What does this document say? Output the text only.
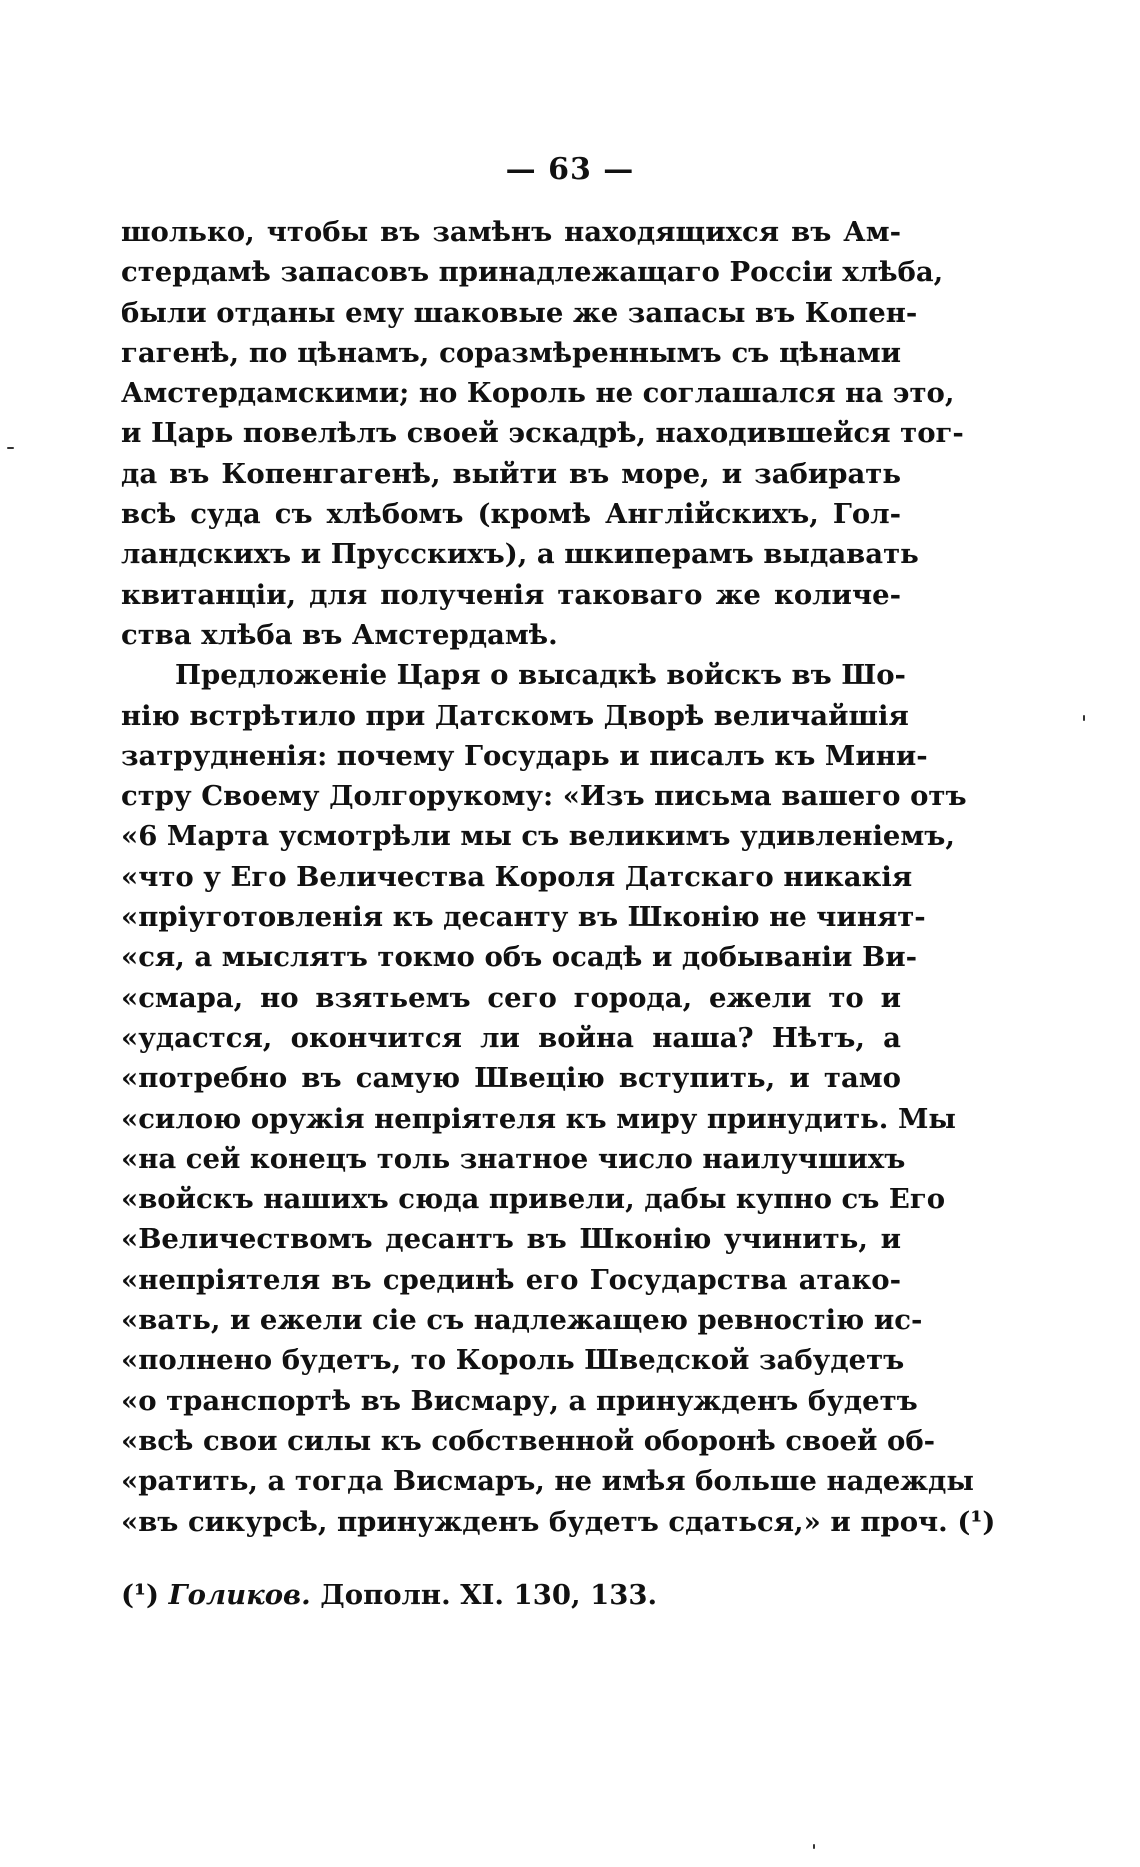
— 63 —
шолько, чтобы въ замѣнъ находящихся въ Ам-
стердамѣ запасовъ принадлежащаго Россіи хлѣба,
были отданы ему шаковые же запасы въ Копен-
гагенѣ, по цѣнамъ, соразмѣреннымъ съ цѣнами
Амстердамскими; но Король не соглашался на это,
и Царь повелѣлъ своей эскадрѣ, находившейся тог-
да въ Копенгагенѣ, выйти въ море, и забирать
всѣ суда съ хлѣбомъ (кромѣ Англійскихъ, Гол-
ландскихъ и Прусскихъ), а шкиперамъ выдавать
квитанціи, для полученія таковаго же количе-
ства хлѣба въ Амстердамѣ.
Предложеніе Царя о высадкѣ войскъ въ Шо-
нію встрѣтило при Датскомъ Дворѣ величайшія
затрудненія: почему Государь и писалъ къ Мини-
стру Своему Долгорукому: «Изъ письма вашего отъ
«6 Марта усмотрѣли мы съ великимъ удивленіемъ,
«что у Его Величества Короля Датскаго никакія
«пріуготовленія къ десанту въ Шконію не чинят-
«ся, а мыслятъ токмо объ осадѣ и добываніи Ви-
«смара, но взятьемъ сего города, ежели то и
«удастся, окончится ли война наша? Нѣтъ, а
«потребно въ самую Швецію вступить, и тамо
«силою оружія непріятеля къ миру принудить. Мы
«на сей конецъ толь знатное число наилучшихъ
«войскъ нашихъ сюда привели, дабы купно съ Его
«Величествомъ десантъ въ Шконію учинить, и
«непріятеля въ срединѣ его Государства атако-
«вать, и ежели сіе съ надлежащею ревностію ис-
«полнено будетъ, то Король Шведской забудетъ
«о транспортѣ въ Висмару, а принужденъ будетъ
«всѣ свои силы къ собственной оборонѣ своей об-
«ратить, а тогда Висмаръ, не имѣя больше надежды
«въ сикурсѣ, принужденъ будетъ сдаться,» и проч. (¹)
(¹) Голиков. Дополн. XI. 130, 133.
